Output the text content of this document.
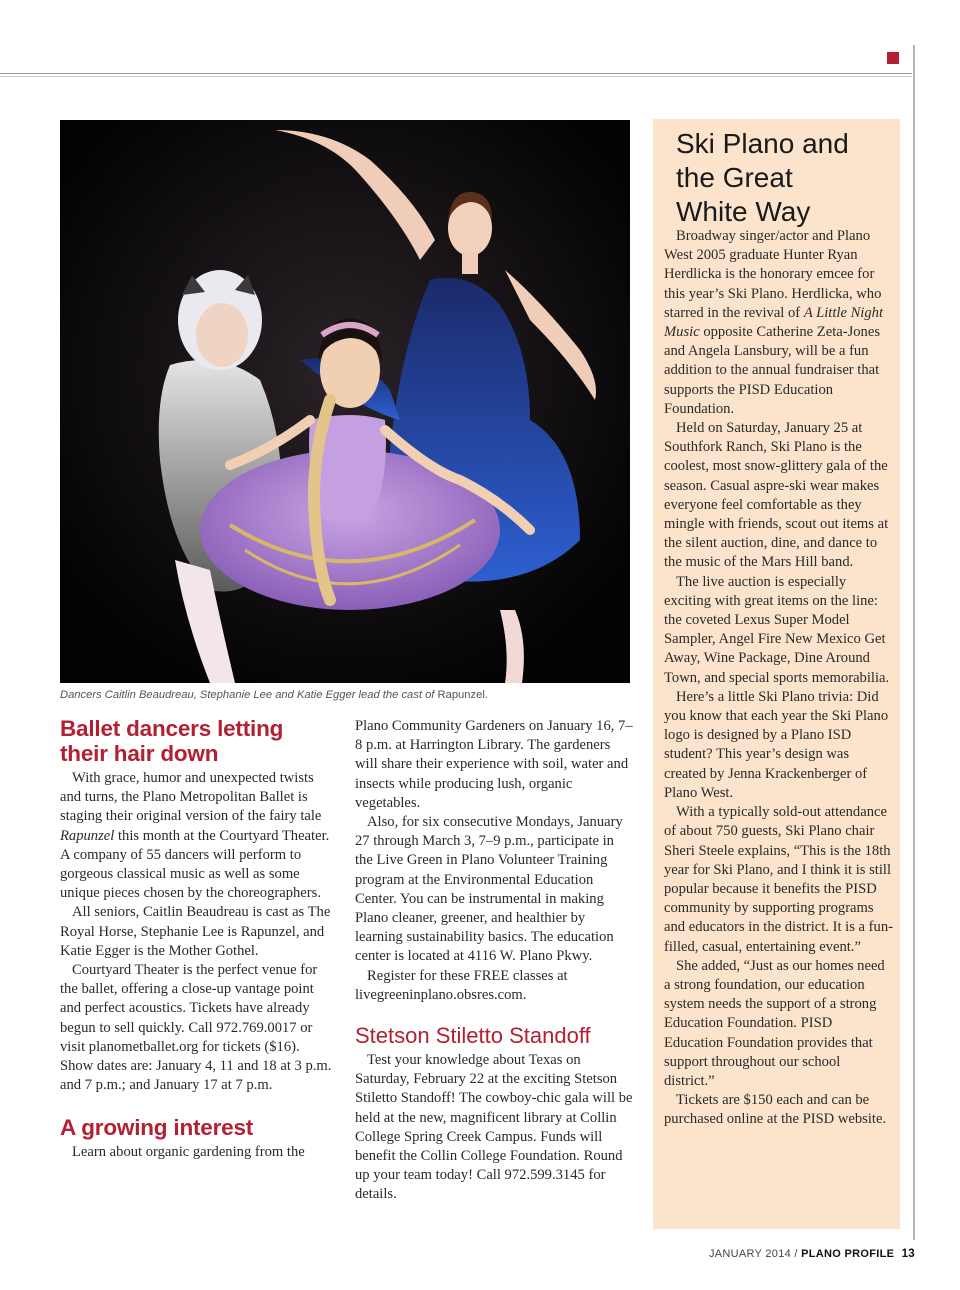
Dancers Caitlin Beaudreau, Stephanie Lee and Katie Egger lead the cast of Rapunzel.
Ballet dancers letting
their hair down

With grace, humor and unexpected twists and turns, the Plano Metropolitan Ballet is staging their original version of the fairy tale Rapunzel this month at the Courtyard Theater. A company of 55 dancers will perform to gorgeous classical music as well as some unique pieces chosen by the choreographers.

All seniors, Caitlin Beaudreau is cast as The Royal Horse, Stephanie Lee is Rapunzel, and Katie Egger is the Mother Gothel.

Courtyard Theater is the perfect venue for the ballet, offering a close-up vantage point and perfect acoustics. Tickets have already begun to sell quickly. Call 972.769.0017 or visit planometballet.org for tickets ($16). Show dates are: January 4, 11 and 18 at 3 p.m. and 7 p.m.; and January 17 at 7 p.m.

A growing interest

Learn about organic gardening from the

Plano Community Gardeners on January 16, 7–8 p.m. at Harrington Library. The gardeners will share their experience with soil, water and insects while producing lush, organic vegetables.

Also, for six consecutive Mondays, January 27 through March 3, 7–9 p.m., participate in the Live Green in Plano Volunteer Training program at the Environmental Education Center. You can be instrumental in making Plano cleaner, greener, and healthier by learning sustainability basics. The education center is located at 4116 W. Plano Pkwy.

Register for these FREE classes at livegreeninplano.obsres.com.

Stetson Stiletto Standoff

Test your knowledge about Texas on Saturday, February 22 at the exciting Stetson Stiletto Standoff! The cowboy-chic gala will be held at the new, magnificent library at Collin College Spring Creek Campus. Funds will benefit the Collin College Foundation. Round up your team today! Call 972.599.3145 for details.

Ski Plano and
the Great
White Way

Broadway singer/actor and Plano West 2005 graduate Hunter Ryan Herdlicka is the honorary emcee for this year’s Ski Plano. Herdlicka, who starred in the revival of A Little Night Music opposite Catherine Zeta-Jones and Angela Lansbury, will be a fun addition to the annual fundraiser that supports the PISD Education Foundation.

Held on Saturday, January 25 at Southfork Ranch, Ski Plano is the coolest, most snow-glittery gala of the season. Casual aspre-ski wear makes everyone feel comfortable as they mingle with friends, scout out items at the silent auction, dine, and dance to the music of the Mars Hill band.

The live auction is especially exciting with great items on the line: the coveted Lexus Super Model Sampler, Angel Fire New Mexico Get Away, Wine Package, Dine Around Town, and special sports memorabilia.

Here’s a little Ski Plano trivia: Did you know that each year the Ski Plano logo is designed by a Plano ISD student? This year’s design was created by Jenna Krackenberger of Plano West.

With a typically sold-out attendance of about 750 guests, Ski Plano chair Sheri Steele explains, “This is the 18th year for Ski Plano, and I think it is still popular because it benefits the PISD community by supporting programs and educators in the district. It is a fun-filled, casual, entertaining event.”

She added, “Just as our homes need a strong foundation, our education system needs the support of a strong Education Foundation. PISD Education Foundation provides that support throughout our school district.”

Tickets are $150 each and can be purchased online at the PISD website.

JANUARY 2014 / PLANO PROFILE 13
